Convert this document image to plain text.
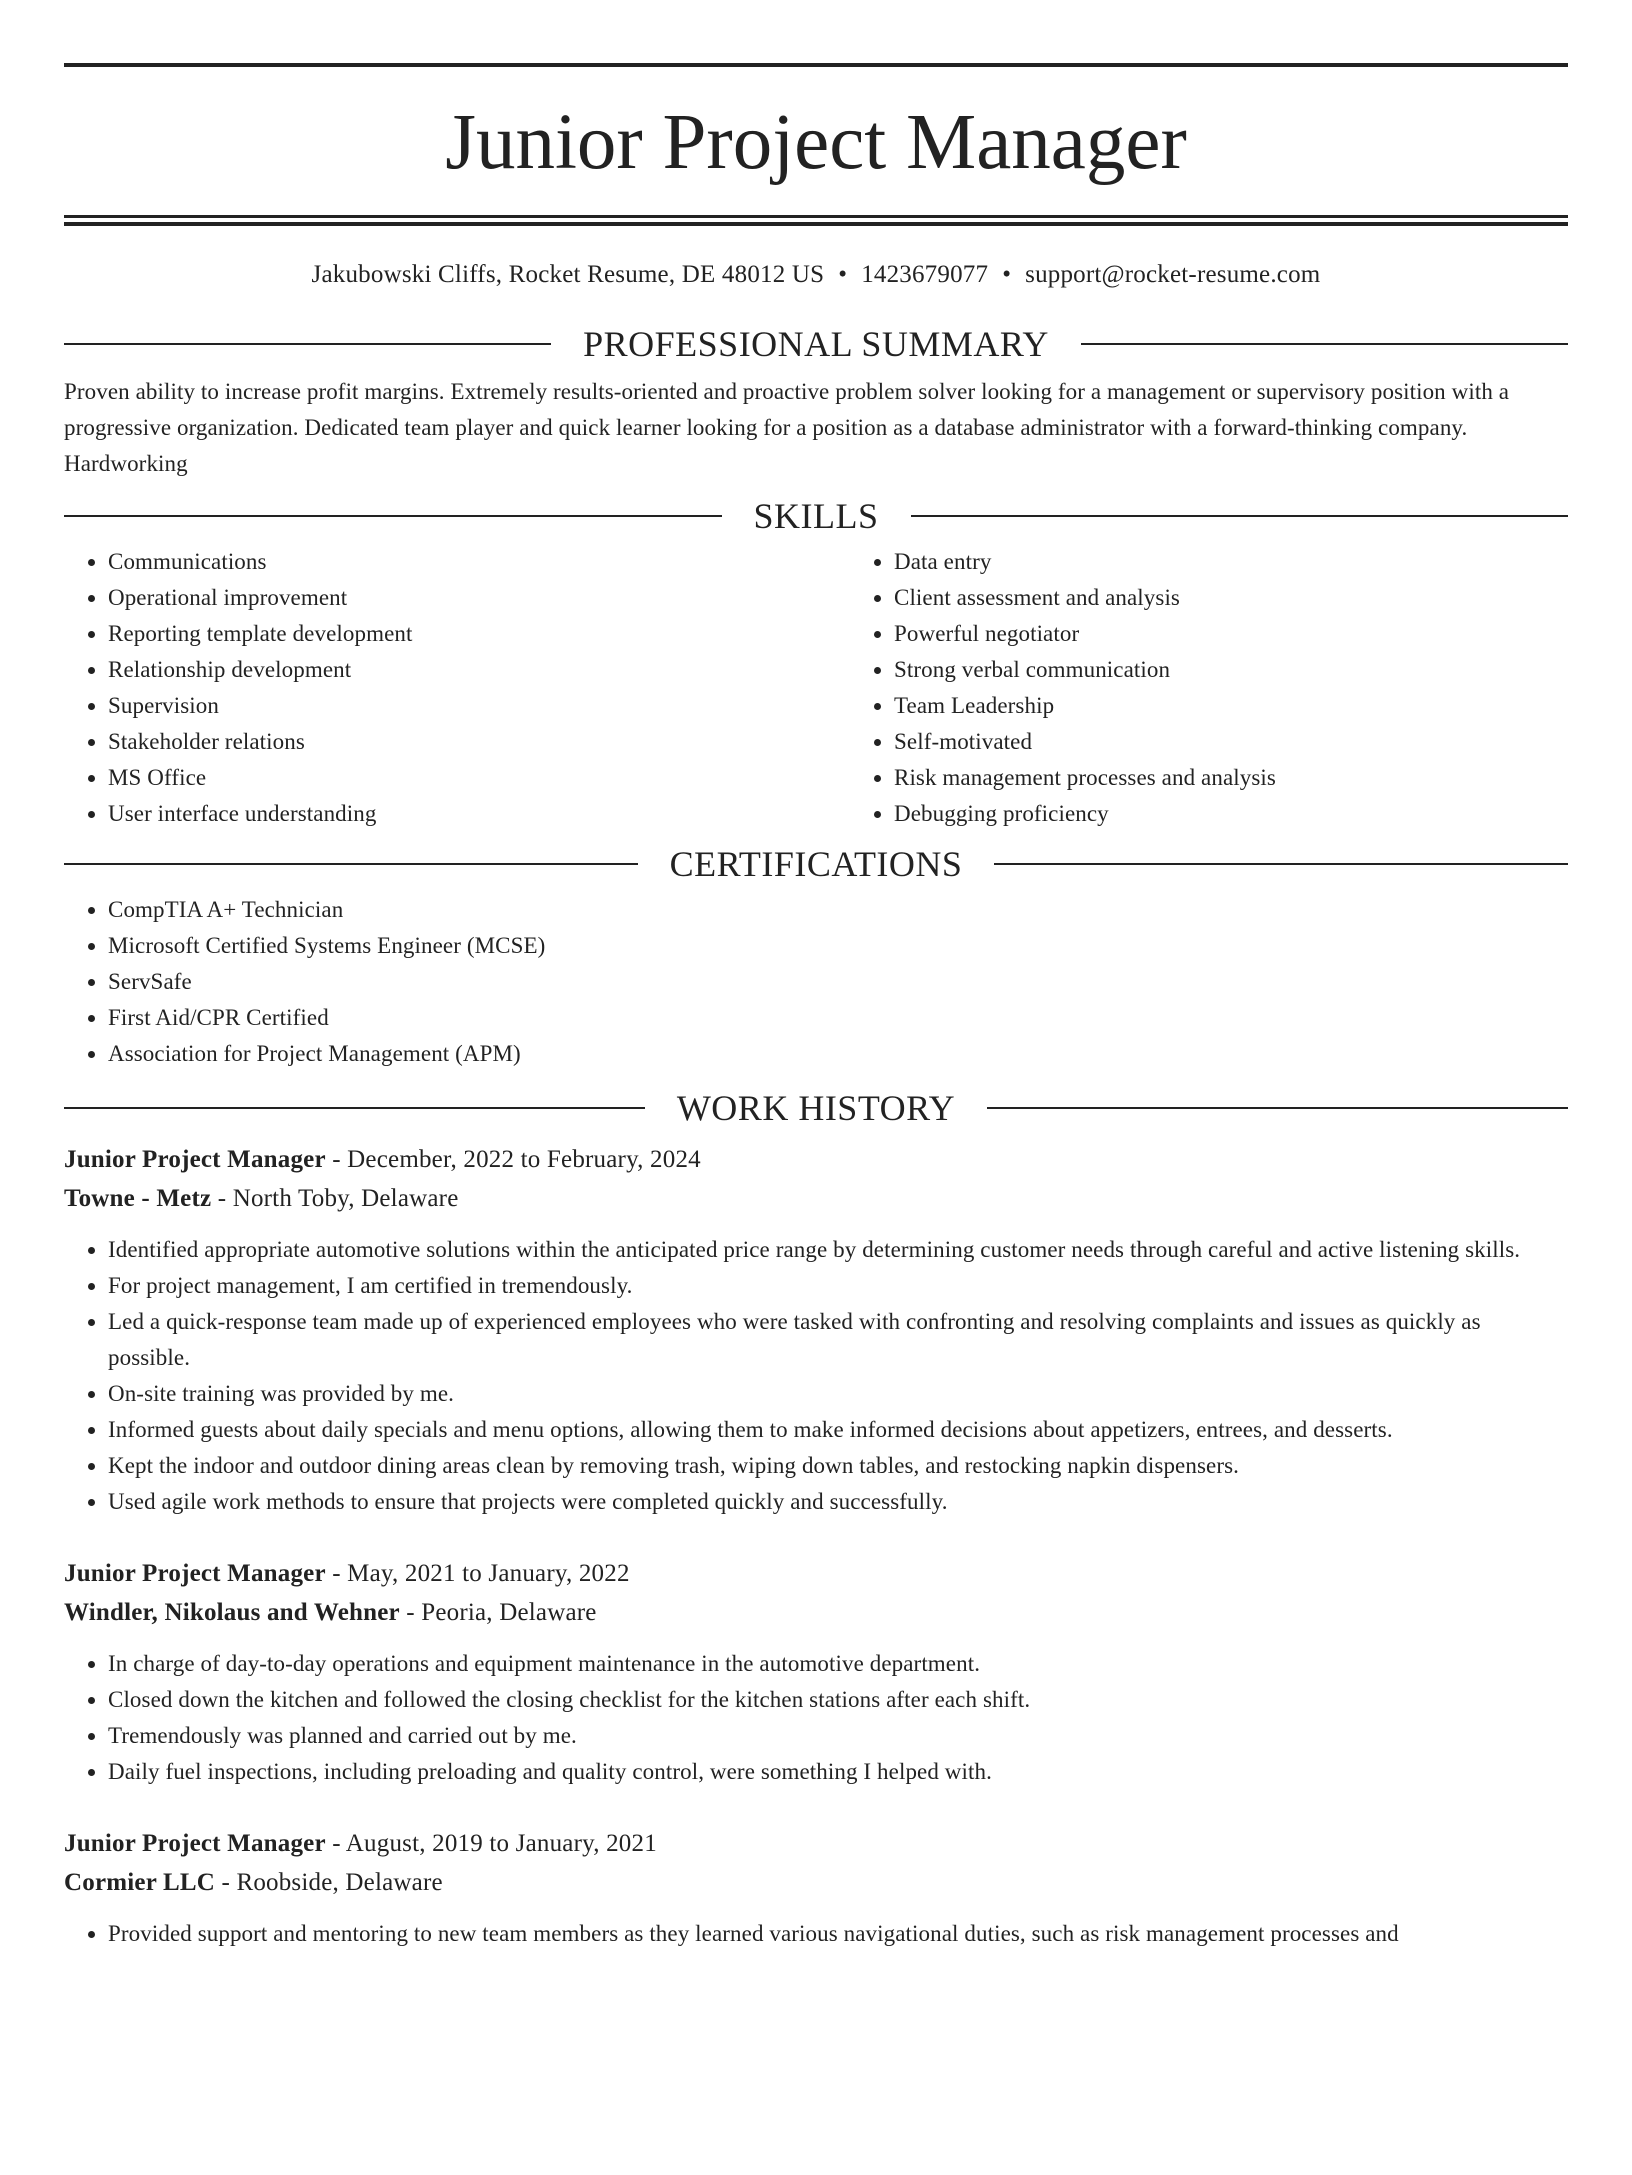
Junior Project Manager
Jakubowski Cliffs, Rocket Resume, DE 48012 US • 1423679077 • support@rocket-resume.com
PROFESSIONAL SUMMARY
Proven ability to increase profit margins. Extremely results-oriented and proactive problem solver looking for a management or supervisory position with a progressive organization. Dedicated team player and quick learner looking for a position as a database administrator with a forward-thinking company. Hardworking
SKILLS
• Communications
• Operational improvement
• Reporting template development
• Relationship development
• Supervision
• Stakeholder relations
• MS Office
• User interface understanding
• Data entry
• Client assessment and analysis
• Powerful negotiator
• Strong verbal communication
• Team Leadership
• Self-motivated
• Risk management processes and analysis
• Debugging proficiency
CERTIFICATIONS
• CompTIA A+ Technician
• Microsoft Certified Systems Engineer (MCSE)
• ServSafe
• First Aid/CPR Certified
• Association for Project Management (APM)
WORK HISTORY
Junior Project Manager - December, 2022 to February, 2024
Towne - Metz - North Toby, Delaware
• Identified appropriate automotive solutions within the anticipated price range by determining customer needs through careful and active listening skills.
• For project management, I am certified in tremendously.
• Led a quick-response team made up of experienced employees who were tasked with confronting and resolving complaints and issues as quickly as possible.
• On-site training was provided by me.
• Informed guests about daily specials and menu options, allowing them to make informed decisions about appetizers, entrees, and desserts.
• Kept the indoor and outdoor dining areas clean by removing trash, wiping down tables, and restocking napkin dispensers.
• Used agile work methods to ensure that projects were completed quickly and successfully.
Junior Project Manager - May, 2021 to January, 2022
Windler, Nikolaus and Wehner - Peoria, Delaware
• In charge of day-to-day operations and equipment maintenance in the automotive department.
• Closed down the kitchen and followed the closing checklist for the kitchen stations after each shift.
• Tremendously was planned and carried out by me.
• Daily fuel inspections, including preloading and quality control, were something I helped with.
Junior Project Manager - August, 2019 to January, 2021
Cormier LLC - Roobside, Delaware
• Provided support and mentoring to new team members as they learned various navigational duties, such as risk management processes and
